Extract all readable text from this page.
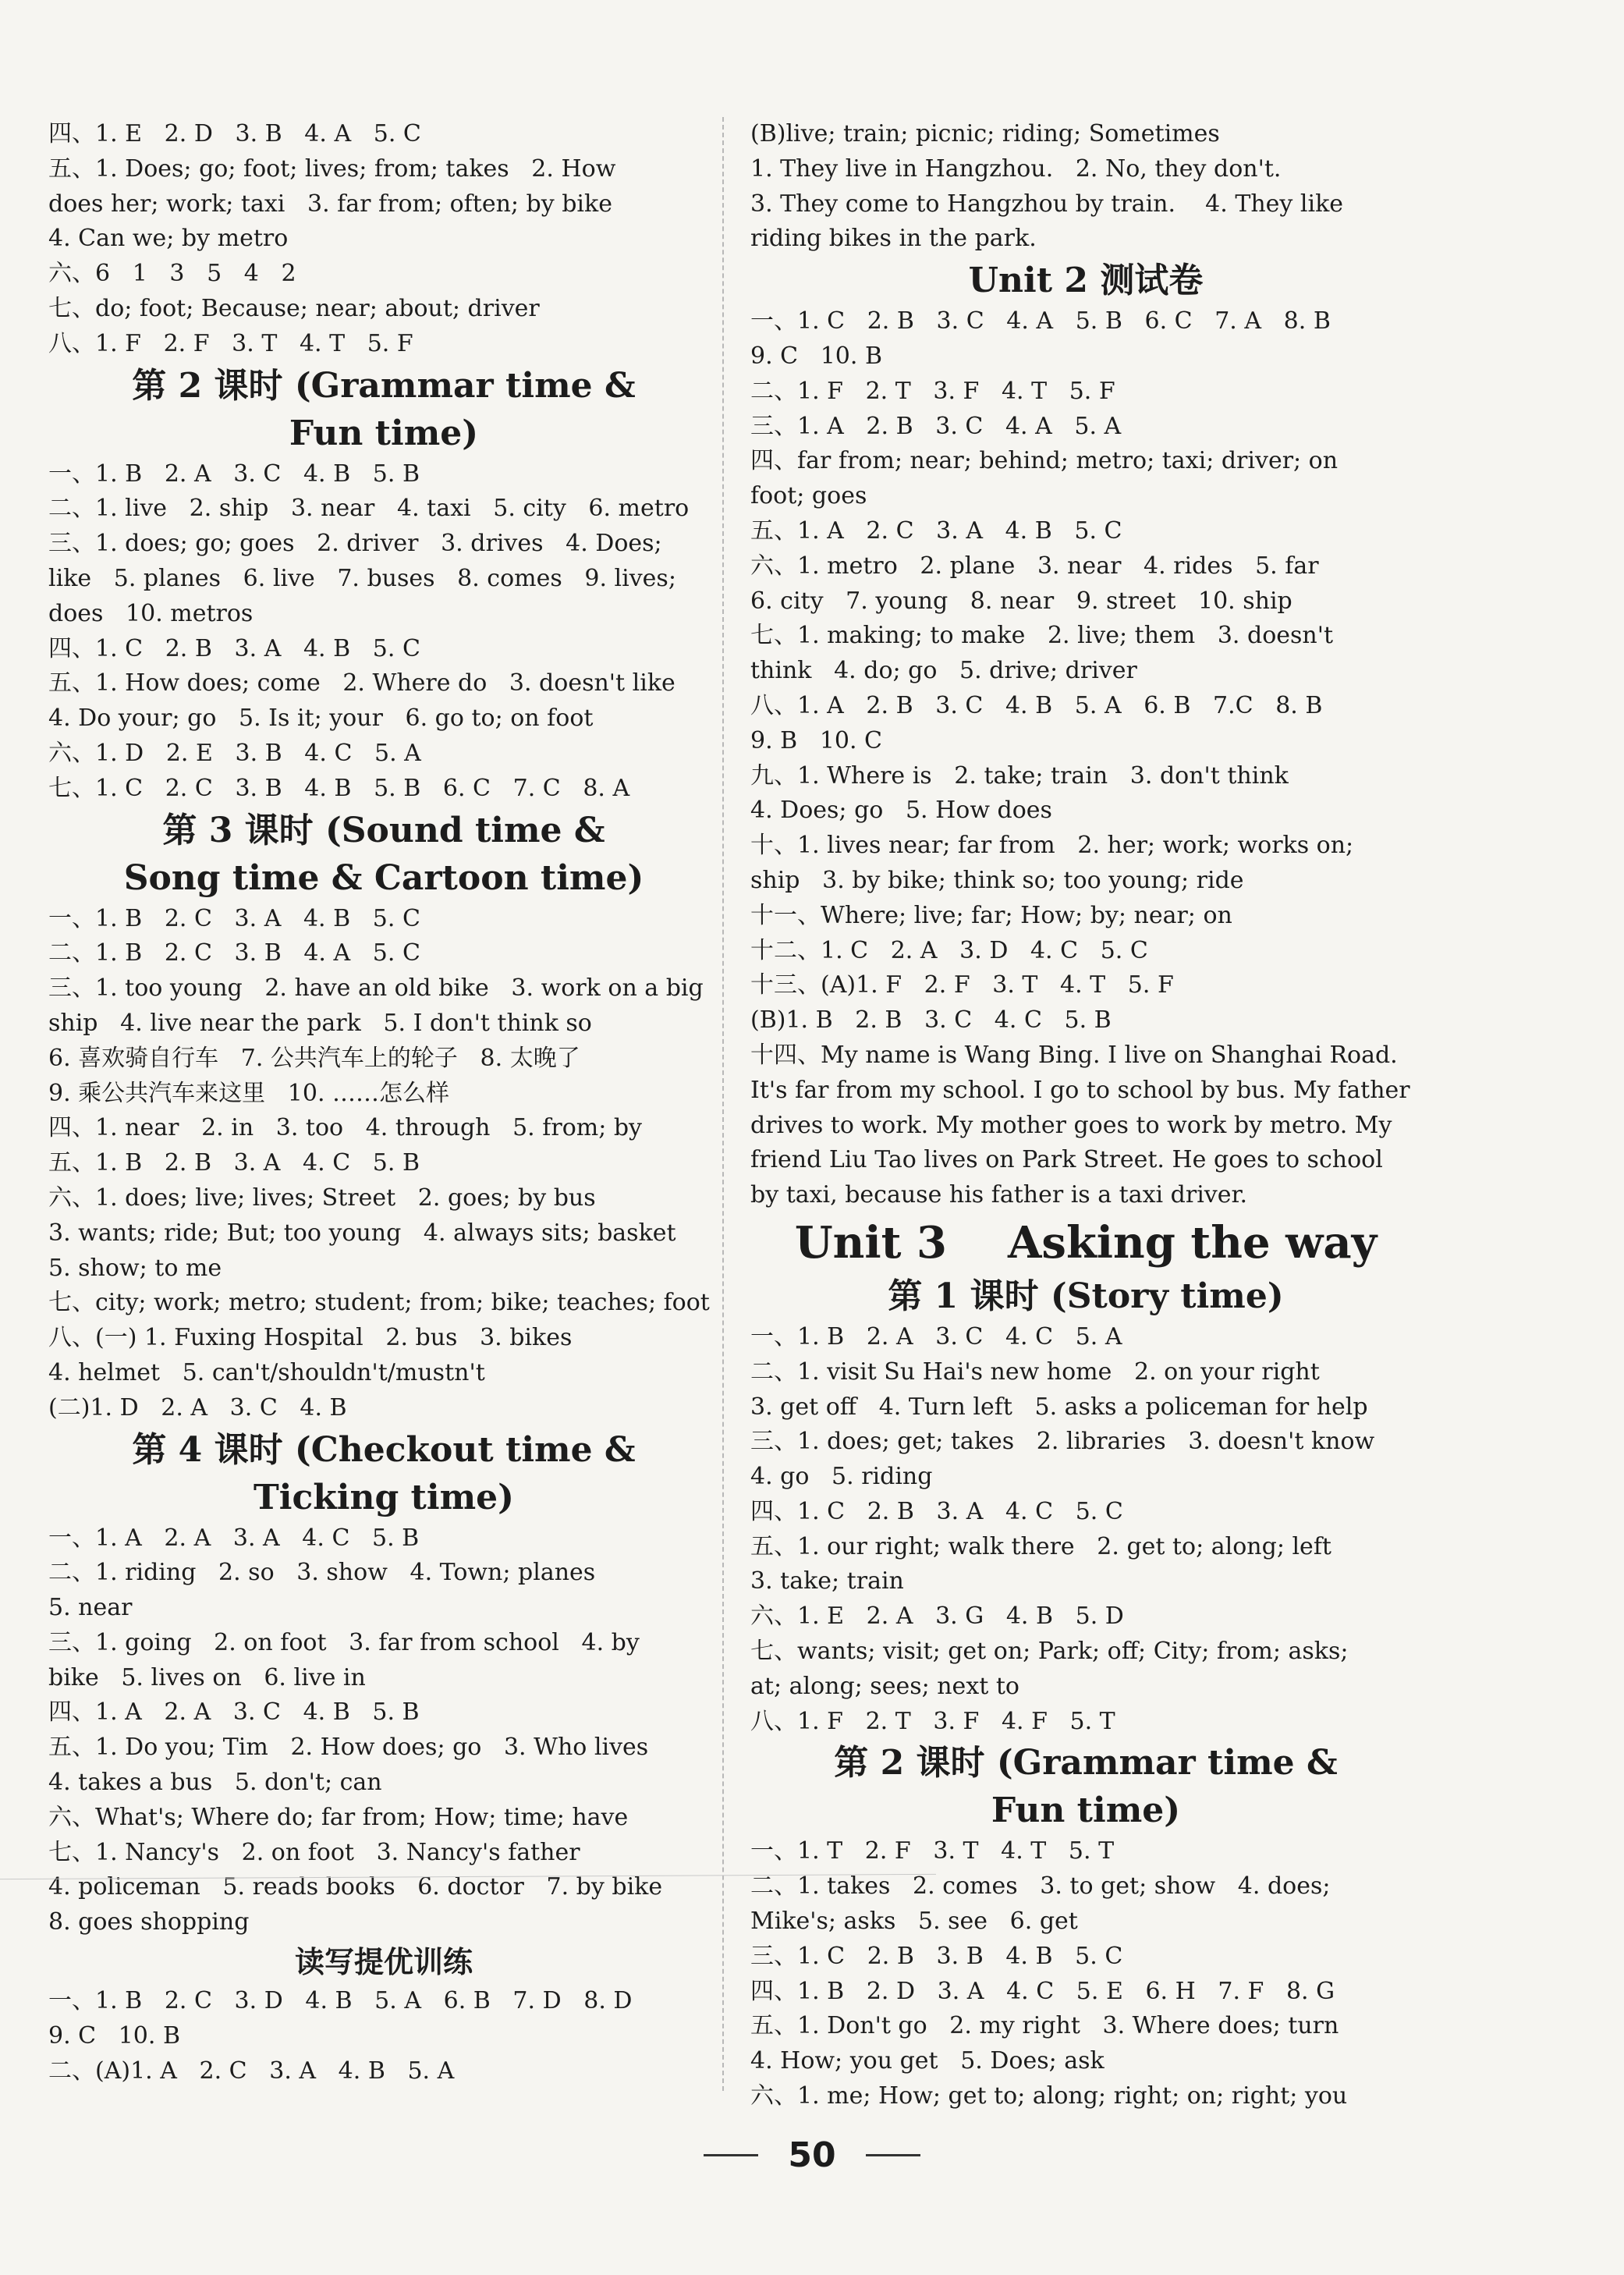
四、1. E   2. D   3. B   4. A   5. C
五、1. Does; go; foot; lives; from; takes   2. How
does her; work; taxi   3. far from; often; by bike
4. Can we; by metro
六、6   1   3   5   4   2
七、do; foot; Because; near; about; driver
八、1. F   2. F   3. T   4. T   5. F
第 2 课时 (Grammar time &
Fun time)
一、1. B   2. A   3. C   4. B   5. B
二、1. live   2. ship   3. near   4. taxi   5. city   6. metro
三、1. does; go; goes   2. driver   3. drives   4. Does;
like   5. planes   6. live   7. buses   8. comes   9. lives;
does   10. metros
四、1. C   2. B   3. A   4. B   5. C
五、1. How does; come   2. Where do   3. doesn't like
4. Do your; go   5. Is it; your   6. go to; on foot
六、1. D   2. E   3. B   4. C   5. A
七、1. C   2. C   3. B   4. B   5. B   6. C   7. C   8. A
第 3 课时 (Sound time &
Song time & Cartoon time)
一、1. B   2. C   3. A   4. B   5. C
二、1. B   2. C   3. B   4. A   5. C
三、1. too young   2. have an old bike   3. work on a big
ship   4. live near the park   5. I don't think so
6. 喜欢骑自行车   7. 公共汽车上的轮子   8. 太晚了
9. 乘公共汽车来这里   10. ……怎么样
四、1. near   2. in   3. too   4. through   5. from; by
五、1. B   2. B   3. A   4. C   5. B
六、1. does; live; lives; Street   2. goes; by bus
3. wants; ride; But; too young   4. always sits; basket
5. show; to me
七、city; work; metro; student; from; bike; teaches; foot
八、(一) 1. Fuxing Hospital   2. bus   3. bikes
4. helmet   5. can't/shouldn't/mustn't
(二)1. D   2. A   3. C   4. B
第 4 课时 (Checkout time &
Ticking time)
一、1. A   2. A   3. A   4. C   5. B
二、1. riding   2. so   3. show   4. Town; planes
5. near
三、1. going   2. on foot   3. far from school   4. by
bike   5. lives on   6. live in
四、1. A   2. A   3. C   4. B   5. B
五、1. Do you; Tim   2. How does; go   3. Who lives
4. takes a bus   5. don't; can
六、What's; Where do; far from; How; time; have
七、1. Nancy's   2. on foot   3. Nancy's father
4. policeman   5. reads books   6. doctor   7. by bike
8. goes shopping
读写提优训练
一、1. B   2. C   3. D   4. B   5. A   6. B   7. D   8. D
9. C   10. B
二、(A)1. A   2. C   3. A   4. B   5. A
(B)live; train; picnic; riding; Sometimes
1. They live in Hangzhou.   2. No, they don't.
3. They come to Hangzhou by train.    4. They like
riding bikes in the park.
Unit 2 测试卷
一、1. C   2. B   3. C   4. A   5. B   6. C   7. A   8. B
9. C   10. B
二、1. F   2. T   3. F   4. T   5. F
三、1. A   2. B   3. C   4. A   5. A
四、far from; near; behind; metro; taxi; driver; on
foot; goes
五、1. A   2. C   3. A   4. B   5. C
六、1. metro   2. plane   3. near   4. rides   5. far
6. city   7. young   8. near   9. street   10. ship
七、1. making; to make   2. live; them   3. doesn't
think   4. do; go   5. drive; driver
八、1. A   2. B   3. C   4. B   5. A   6. B   7.C   8. B
9. B   10. C
九、1. Where is   2. take; train   3. don't think
4. Does; go   5. How does
十、1. lives near; far from   2. her; work; works on;
ship   3. by bike; think so; too young; ride
十一、Where; live; far; How; by; near; on
十二、1. C   2. A   3. D   4. C   5. C
十三、(A)1. F   2. F   3. T   4. T   5. F
(B)1. B   2. B   3. C   4. C   5. B
十四、My name is Wang Bing. I live on Shanghai Road.
It's far from my school. I go to school by bus. My father
drives to work. My mother goes to work by metro. My
friend Liu Tao lives on Park Street. He goes to school
by taxi, because his father is a taxi driver.
Unit 3    Asking the way
第 1 课时 (Story time)
一、1. B   2. A   3. C   4. C   5. A
二、1. visit Su Hai's new home   2. on your right
3. get off   4. Turn left   5. asks a policeman for help
三、1. does; get; takes   2. libraries   3. doesn't know
4. go   5. riding
四、1. C   2. B   3. A   4. C   5. C
五、1. our right; walk there   2. get to; along; left
3. take; train
六、1. E   2. A   3. G   4. B   5. D
七、wants; visit; get on; Park; off; City; from; asks;
at; along; sees; next to
八、1. F   2. T   3. F   4. F   5. T
第 2 课时 (Grammar time &
Fun time)
一、1. T   2. F   3. T   4. T   5. T
二、1. takes   2. comes   3. to get; show   4. does;
Mike's; asks   5. see   6. get
三、1. C   2. B   3. B   4. B   5. C
四、1. B   2. D   3. A   4. C   5. E   6. H   7. F   8. G
五、1. Don't go   2. my right   3. Where does; turn
4. How; you get   5. Does; ask
六、1. me; How; get to; along; right; on; right; you
50
